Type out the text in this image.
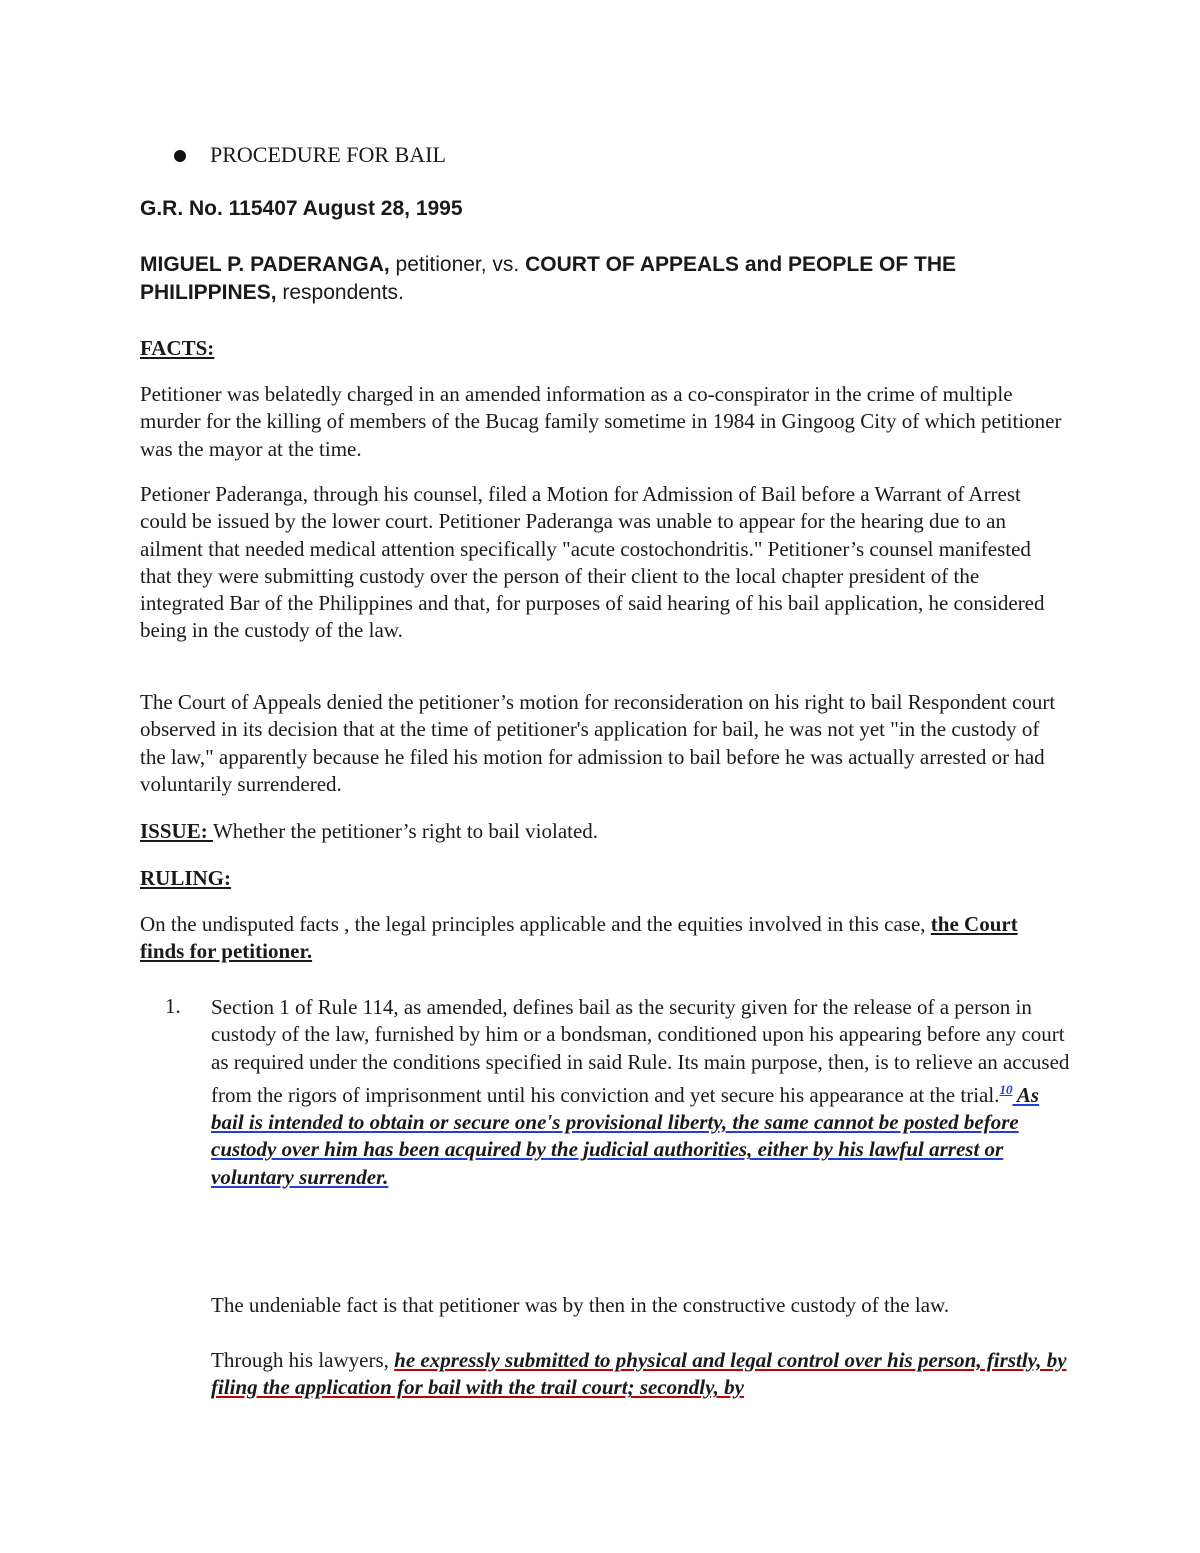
PROCEDURE FOR BAIL
G.R. No. 115407 August 28, 1995

MIGUEL P. PADERANGA, petitioner, vs. COURT OF APPEALS and PEOPLE OF THE PHILIPPINES, respondents.

FACTS:

Petitioner was belatedly charged in an amended information as a co-conspirator in the crime of multiple murder for the killing of members of the Bucag family sometime in 1984 in Gingoog City of which petitioner was the mayor at the time.

Petioner Paderanga, through his counsel, filed a Motion for Admission of Bail before a Warrant of Arrest could be issued by the lower court. Petitioner Paderanga was unable to appear for the hearing due to an ailment that needed medical attention specifically "acute costochondritis." Petitioner’s counsel manifested that they were submitting custody over the person of their client to the local chapter president of the integrated Bar of the Philippines and that, for purposes of said hearing of his bail application, he considered being in the custody of the law.

The Court of Appeals denied the petitioner’s motion for reconsideration on his right to bail Respondent court observed in its decision that at the time of petitioner's application for bail, he was not yet "in the custody of the law," apparently because he filed his motion for admission to bail before he was actually arrested or had voluntarily surrendered.

ISSUE: Whether the petitioner’s right to bail violated.

RULING:

On the undisputed facts , the legal principles applicable and the equities involved in this case, the Court finds for petitioner.

1. Section 1 of Rule 114, as amended, defines bail as the security given for the release of a person in custody of the law, furnished by him or a bondsman, conditioned upon his appearing before any court as required under the conditions specified in said Rule. Its main purpose, then, is to relieve an accused from the rigors of imprisonment until his conviction and yet secure his appearance at the trial.$^{10}$ As bail is intended to obtain or secure one's provisional liberty, the same cannot be posted before custody over him has been acquired by the judicial authorities, either by his lawful arrest or voluntary surrender.

The undeniable fact is that petitioner was by then in the constructive custody of the law.

Through his lawyers, he expressly submitted to physical and legal control over his person, firstly, by filing the application for bail with the trail court; secondly, by
